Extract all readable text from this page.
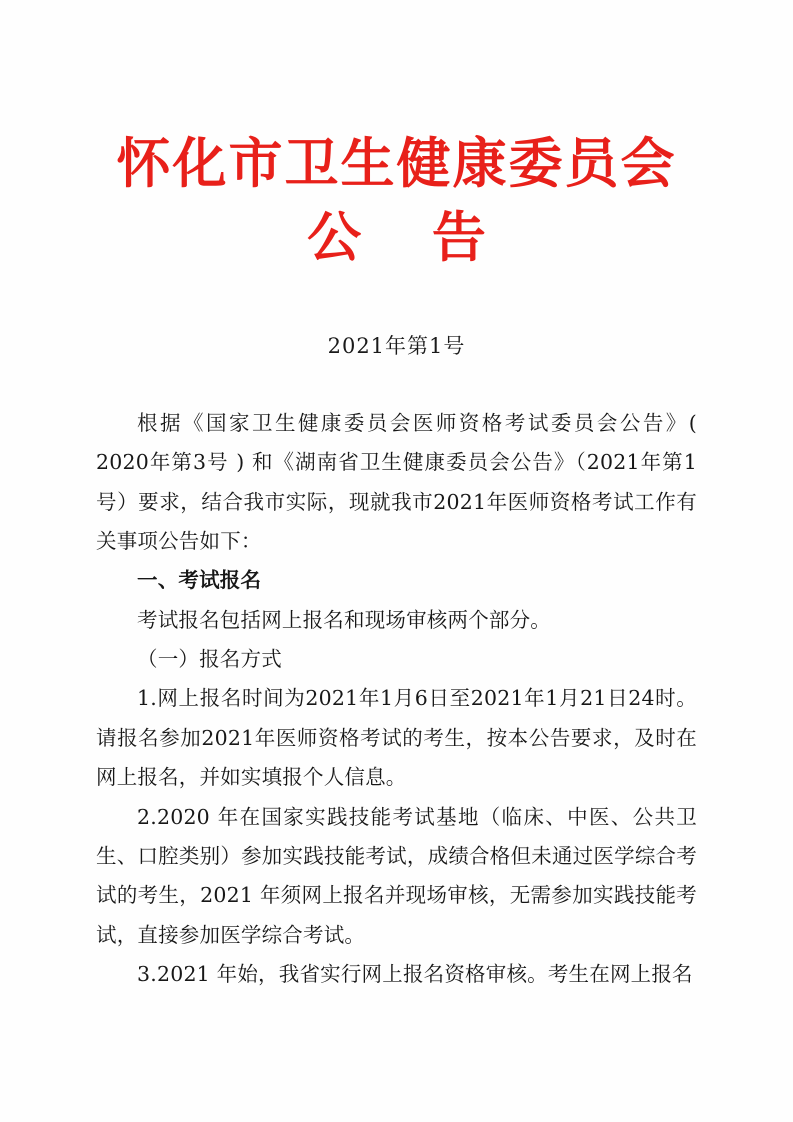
怀化市卫生健康委员会
公 告
2021年第1号

根据《国家卫生健康委员会医师资格考试委员会公告》( 2020年第3号 ) 和《湖南省卫生健康委员会公告》（2021年第1号）要求，结合我市实际，现就我市2021年医师资格考试工作有关事项公告如下：

一、考试报名

考试报名包括网上报名和现场审核两个部分。

（一）报名方式

1.网上报名时间为2021年1月6日至2021年1月21日24时。请报名参加2021年医师资格考试的考生，按本公告要求，及时在网上报名，并如实填报个人信息。

2.2020 年在国家实践技能考试基地（临床、中医、公共卫生、口腔类别）参加实践技能考试，成绩合格但未通过医学综合考试的考生，2021 年须网上报名并现场审核，无需参加实践技能考试，直接参加医学综合考试。

3.2021 年始，我省实行网上报名资格审核。考生在网上报名
